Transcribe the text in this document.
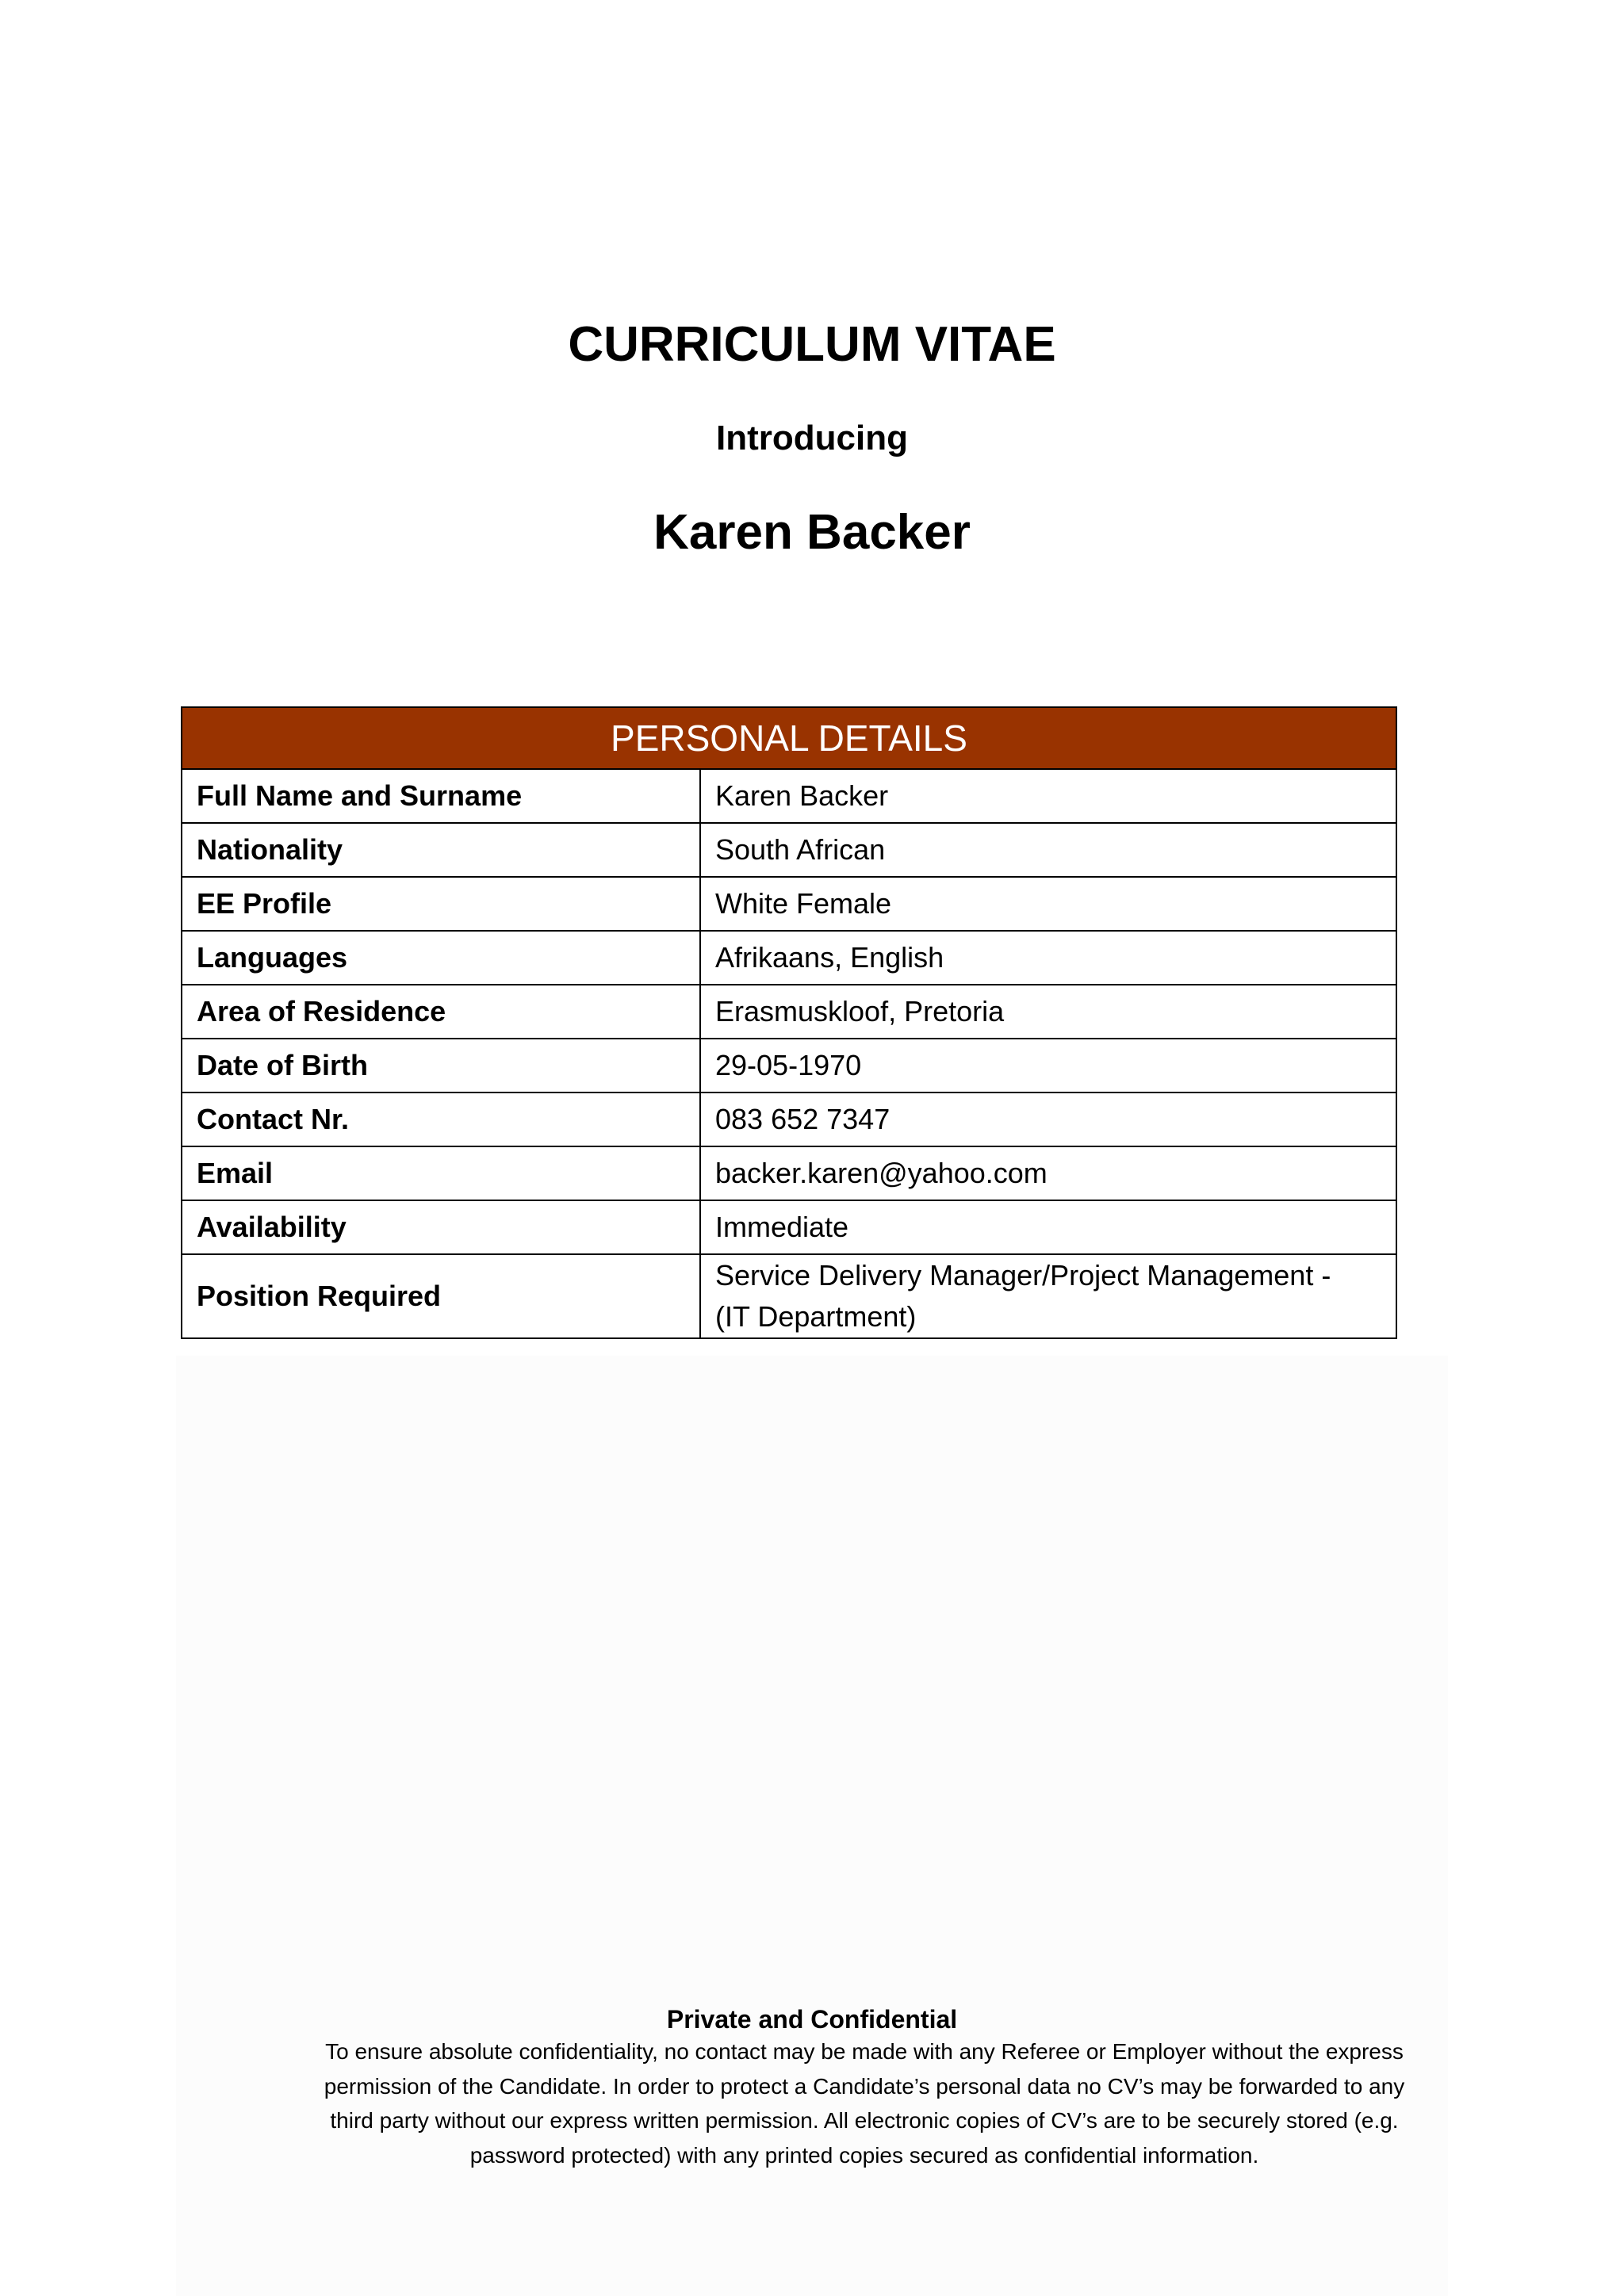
CURRICULUM VITAE
Introducing
Karen Backer
PERSONAL DETAILS	
Full Name and Surname	Karen Backer
Nationality	South African
EE Profile	White Female
Languages	Afrikaans, English
Area of Residence	Erasmuskloof, Pretoria
Date of Birth	29-05-1970
Contact Nr.	083 652 7347
Email	backer.karen@yahoo.com
Availability	Immediate
Position Required	Service Delivery Manager/Project Management -
(IT Department)
Private and Confidential
To ensure absolute confidentiality, no contact may be made with any Referee or Employer without the express permission of the Candidate. In order to protect a Candidate’s personal data no CV’s may be forwarded to any third party without our express written permission. All electronic copies of CV’s are to be securely stored (e.g. password protected) with any printed copies secured as confidential information.
